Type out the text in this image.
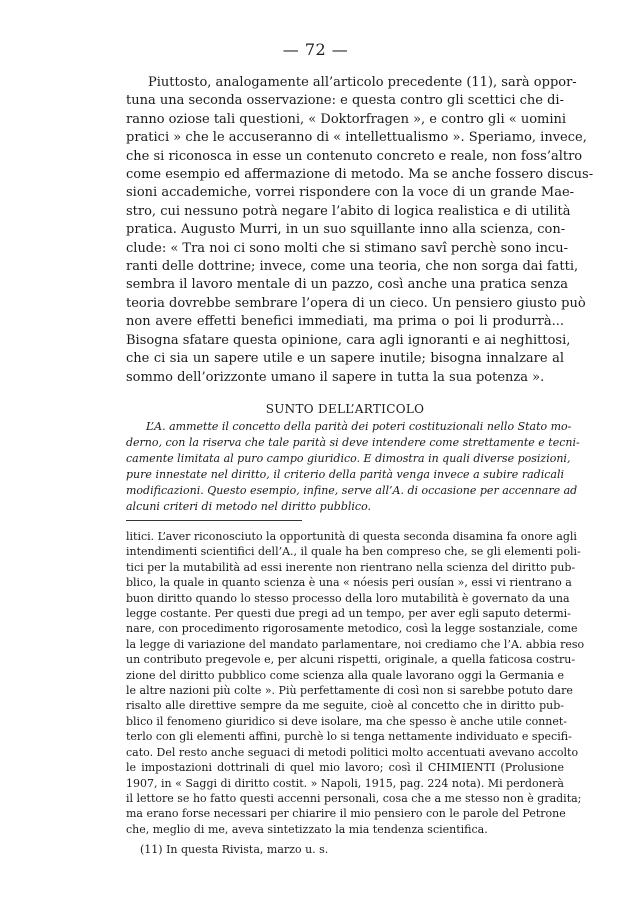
— 72 —
Piuttosto, analogamente all’articolo precedente (11), sarà oppor-
tuna una seconda osservazione: e questa contro gli scettici che di-
ranno oziose tali questioni, « Doktorfragen », e contro gli « uomini
pratici » che le accuseranno di « intellettualismo ». Speriamo, invece,
che si riconosca in esse un contenuto concreto e reale, non foss’altro
come esempio ed affermazione di metodo. Ma se anche fossero discus-
sioni accademiche, vorrei rispondere con la voce di un grande Mae-
stro, cui nessuno potrà negare l’abito di logica realistica e di utilità
pratica. Augusto Murri, in un suo squillante inno alla scienza, con-
clude: « Tra noi ci sono molti che si stimano savî perchè sono incu-
ranti delle dottrine; invece, come una teoria, che non sorga dai fatti,
sembra il lavoro mentale di un pazzo, così anche una pratica senza
teoria dovrebbe sembrare l’opera di un cieco. Un pensiero giusto può
non avere effetti benefici immediati, ma prima o poi li produrrà...
Bisogna sfatare questa opinione, cara agli ignoranti e ai neghittosi,
che ci sia un sapere utile e un sapere inutile; bisogna innalzare al
sommo dell’orizzonte umano il sapere in tutta la sua potenza ».
SUNTO DELL’ARTICOLO
L’A. ammette il concetto della parità dei poteri costituzionali nello Stato mo-
derno, con la riserva che tale parità si deve intendere come strettamente e tecni-
camente limitata al puro campo giuridico. E dimostra in quali diverse posizioni,
pure innestate nel diritto, il criterio della parità venga invece a subire radicali
modificazioni. Questo esempio, infine, serve all’A. di occasione per accennare ad
alcuni criteri di metodo nel diritto pubblico.
litici. L’aver riconosciuto la opportunità di questa seconda disamina fa onore agli
intendimenti scientifici dell’A., il quale ha ben compreso che, se gli elementi poli-
tici per la mutabilità ad essi inerente non rientrano nella scienza del diritto pub-
blico, la quale in quanto scienza è una « nóesis peri ousían », essi vi rientrano a
buon diritto quando lo stesso processo della loro mutabilità è governato da una
legge costante. Per questi due pregi ad un tempo, per aver egli saputo determi-
nare, con procedimento rigorosamente metodico, così la legge sostanziale, come
la legge di variazione del mandato parlamentare, noi crediamo che l’A. abbia reso
un contributo pregevole e, per alcuni rispetti, originale, a quella faticosa costru-
zione del diritto pubblico come scienza alla quale lavorano oggi la Germania e
le altre nazioni più colte ». Più perfettamente di così non si sarebbe potuto dare
risalto alle direttive sempre da me seguite, cioè al concetto che in diritto pub-
blico il fenomeno giuridico si deve isolare, ma che spesso è anche utile connet-
terlo con gli elementi affini, purchè lo si tenga nettamente individuato e specifi-
cato. Del resto anche seguaci di metodi politici molto accentuati avevano accolto
le impostazioni dottrinali di quel mio lavoro; così il CHIMIENTI (Prolusione
1907, in « Saggi di diritto costit. » Napoli, 1915, pag. 224 nota). Mi perdonerà
il lettore se ho fatto questi accenni personali, cosa che a me stesso non è gradita;
ma erano forse necessari per chiarire il mio pensiero con le parole del Petrone
che, meglio di me, aveva sintetizzato la mia tendenza scientifica.
(11) In questa Rivista, marzo u. s.
